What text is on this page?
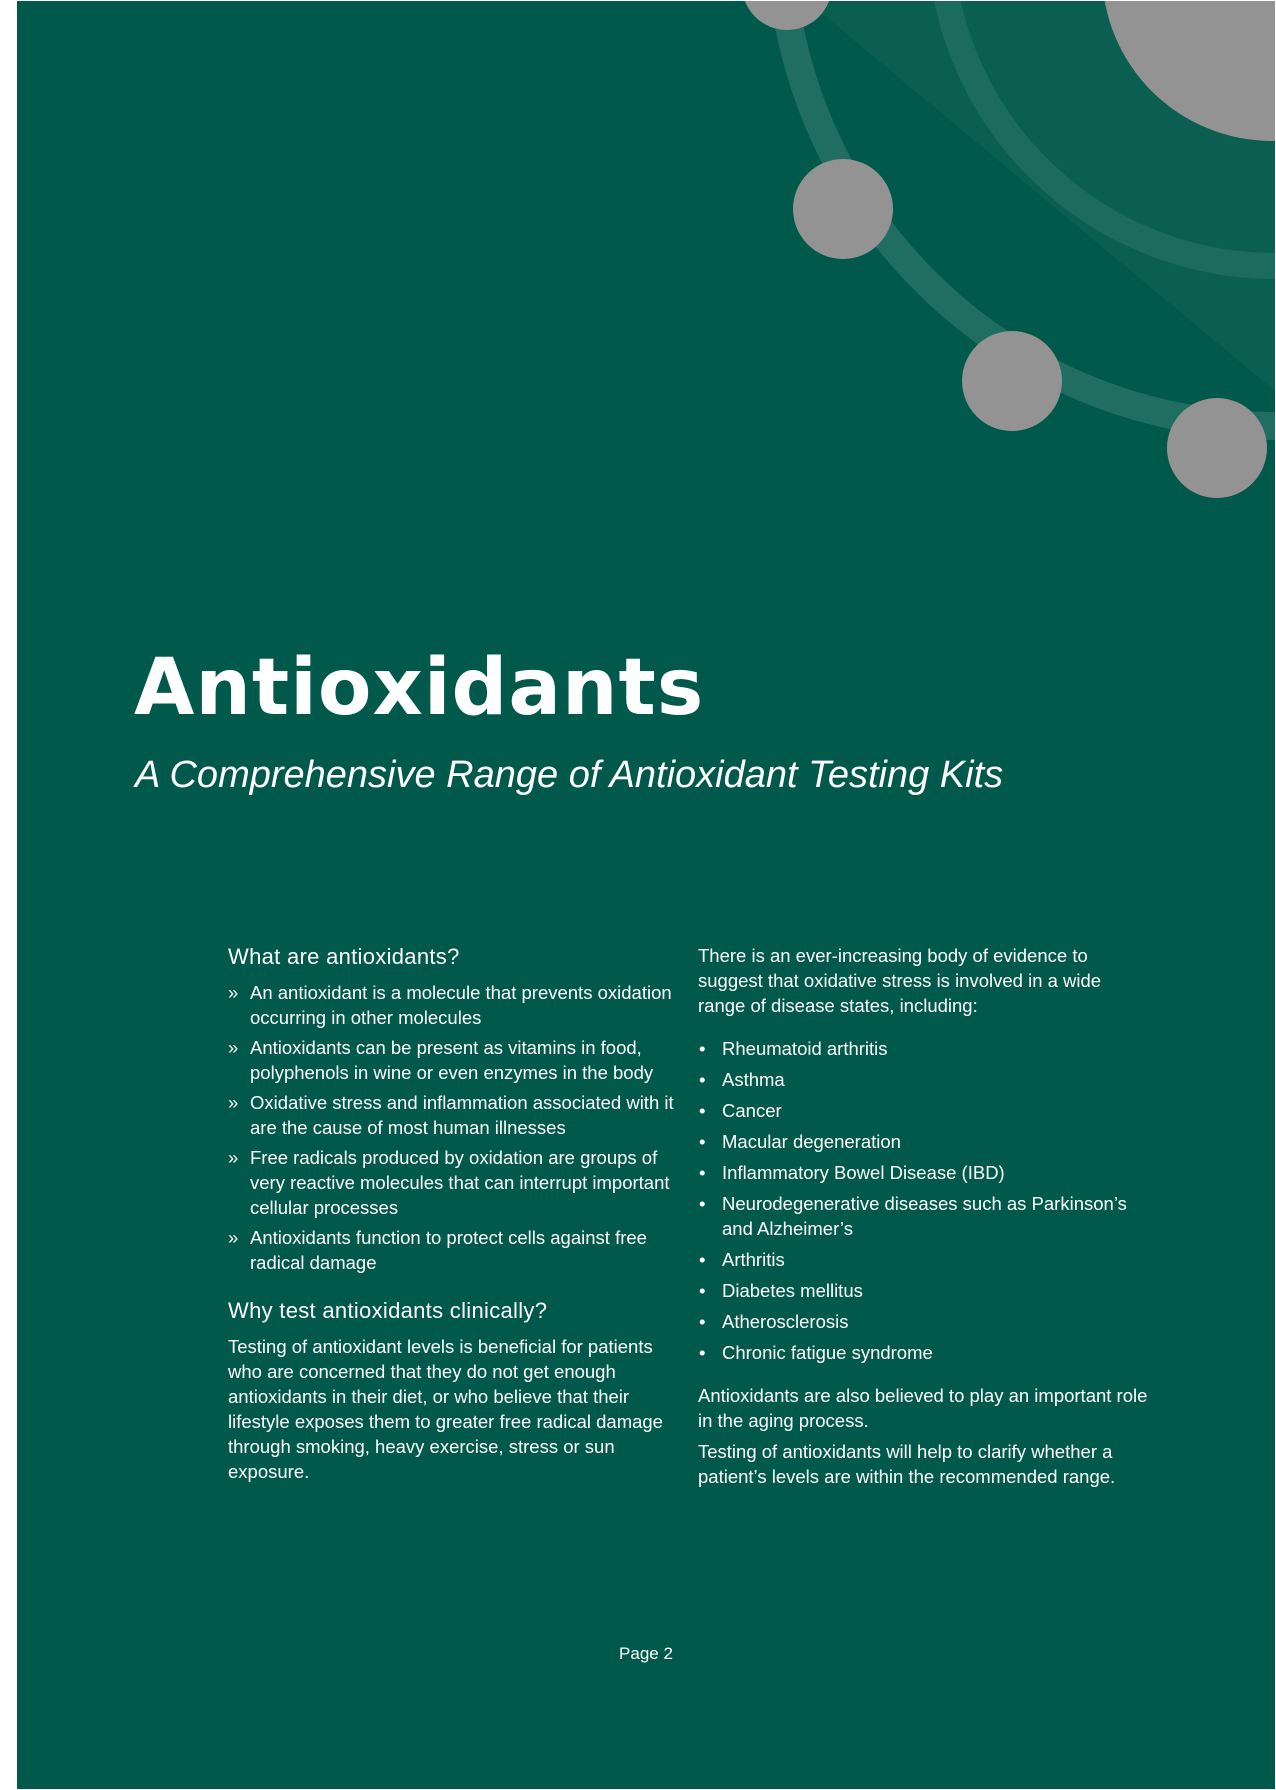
Antioxidants
A Comprehensive Range of Antioxidant Testing Kits
What are antioxidants?
» An antioxidant is a molecule that prevents oxidation occurring in other molecules
» Antioxidants can be present as vitamins in food, polyphenols in wine or even enzymes in the body
» Oxidative stress and inflammation associated with it are the cause of most human illnesses
» Free radicals produced by oxidation are groups of very reactive molecules that can interrupt important cellular processes
» Antioxidants function to protect cells against free radical damage
Why test antioxidants clinically?

Testing of antioxidant levels is beneficial for patients who are concerned that they do not get enough antioxidants in their diet, or who believe that their lifestyle exposes them to greater free radical damage through smoking, heavy exercise, stress or sun exposure.

There is an ever-increasing body of evidence to suggest that oxidative stress is involved in a wide range of disease states, including:

• Rheumatoid arthritis
• Asthma
• Cancer
• Macular degeneration
• Inflammatory Bowel Disease (IBD)
• Neurodegenerative diseases such as Parkinson’s and Alzheimer’s
• Arthritis
• Diabetes mellitus
• Atherosclerosis
• Chronic fatigue syndrome

Antioxidants are also believed to play an important role in the aging process.

Testing of antioxidants will help to clarify whether a patient’s levels are within the recommended range.

Page 2
